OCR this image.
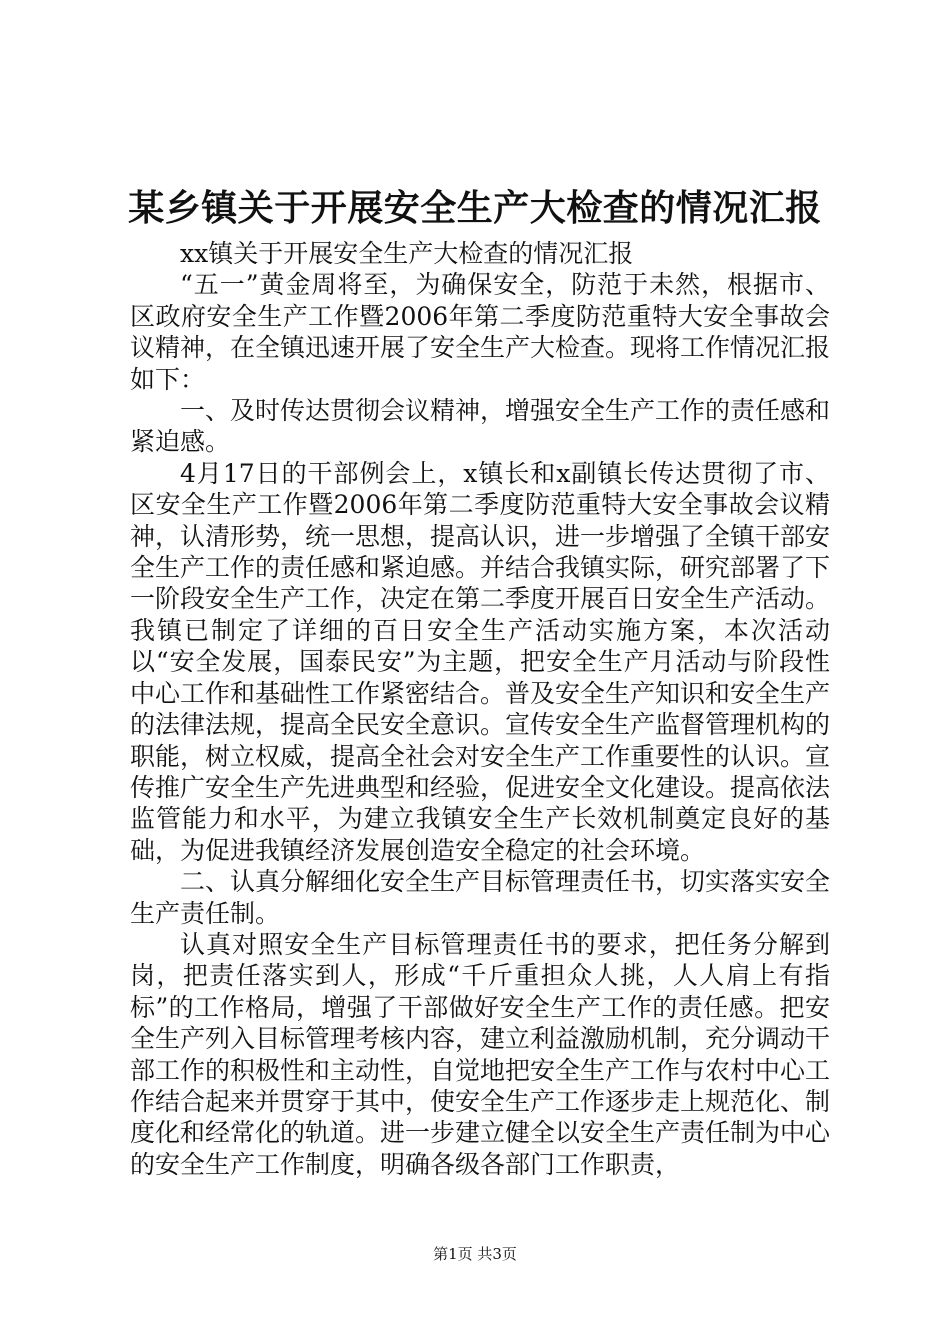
某乡镇关于开展安全生产大检查的情况汇报

xx镇关于开展安全生产大检查的情况汇报

“五一”黄金周将至，为确保安全，防范于未然，根据市、区政府安全生产工作暨2006年第二季度防范重特大安全事故会议精神，在全镇迅速开展了安全生产大检查。现将工作情况汇报如下：

一、及时传达贯彻会议精神，增强安全生产工作的责任感和紧迫感。

4月17日的干部例会上，x镇长和x副镇长传达贯彻了市、区安全生产工作暨2006年第二季度防范重特大安全事故会议精神，认清形势，统一思想，提高认识，进一步增强了全镇干部安全生产工作的责任感和紧迫感。并结合我镇实际，研究部署了下一阶段安全生产工作，决定在第二季度开展百日安全生产活动。我镇已制定了详细的百日安全生产活动实施方案，本次活动以“安全发展，国泰民安”为主题，把安全生产月活动与阶段性中心工作和基础性工作紧密结合。普及安全生产知识和安全生产的法律法规，提高全民安全意识。宣传安全生产监督管理机构的职能，树立权威，提高全社会对安全生产工作重要性的认识。宣传推广安全生产先进典型和经验，促进安全文化建设。提高依法监管能力和水平，为建立我镇安全生产长效机制奠定良好的基础，为促进我镇经济发展创造安全稳定的社会环境。

二、认真分解细化安全生产目标管理责任书，切实落实安全生产责任制。

认真对照安全生产目标管理责任书的要求，把任务分解到岗，把责任落实到人，形成“千斤重担众人挑，人人肩上有指标”的工作格局，增强了干部做好安全生产工作的责任感。把安全生产列入目标管理考核内容，建立利益激励机制，充分调动干部工作的积极性和主动性，自觉地把安全生产工作与农村中心工作结合起来并贯穿于其中，使安全生产工作逐步走上规范化、制度化和经常化的轨道。进一步建立健全以安全生产责任制为中心的安全生产工作制度，明确各级各部门工作职责，

第1页 共3页
